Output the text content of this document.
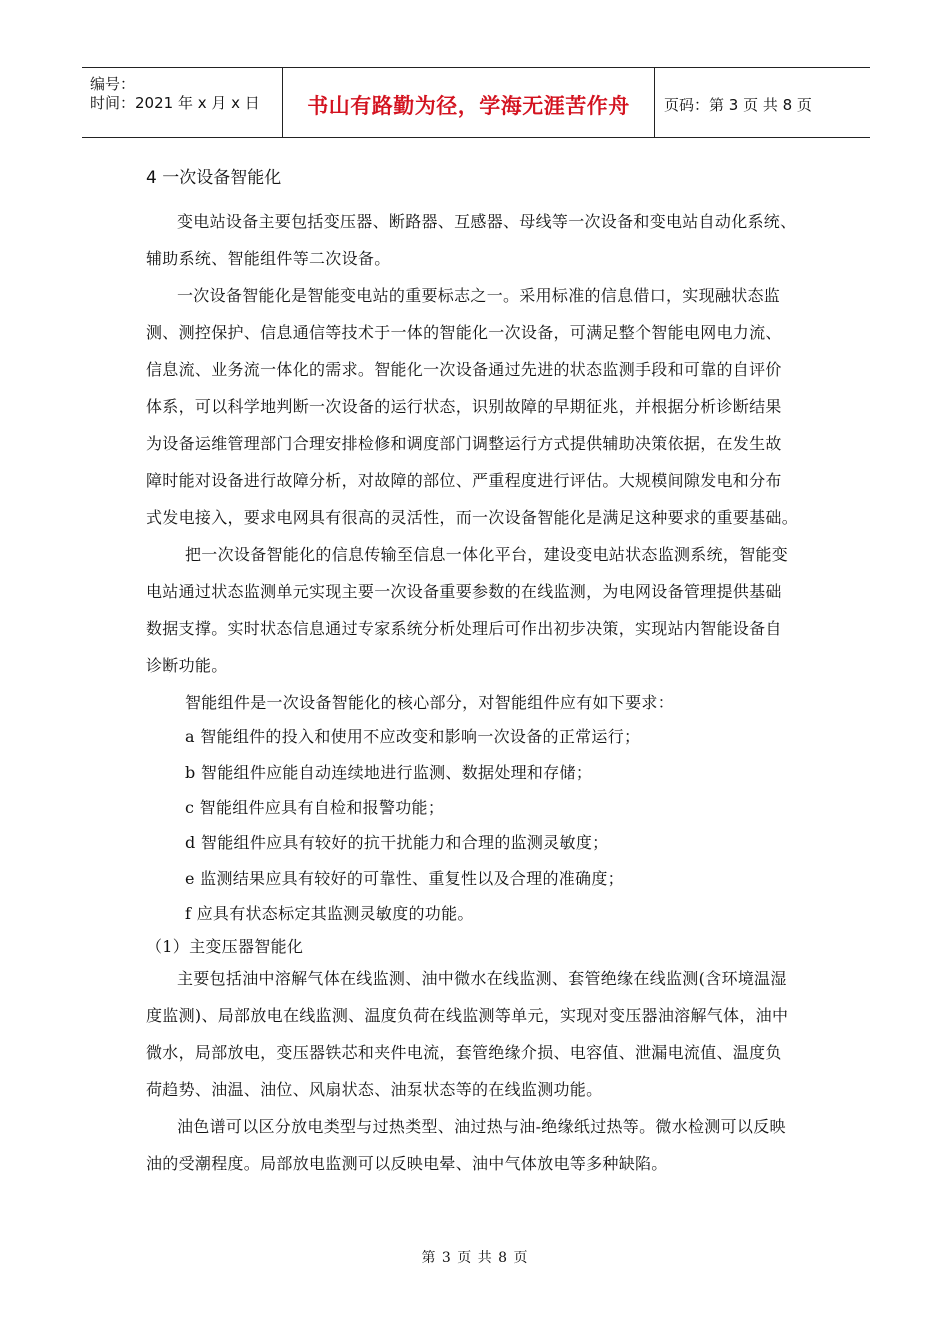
编号：
时间：2021 年 x 月 x 日	书山有路勤为径，学海无涯苦作舟	页码：第 3 页 共 8 页
4 一次设备智能化
变电站设备主要包括变压器、断路器、互感器、母线等一次设备和变电站自动化系统、
辅助系统、智能组件等二次设备。
一次设备智能化是智能变电站的重要标志之一。采用标准的信息借口，实现融状态监
测、测控保护、信息通信等技术于一体的智能化一次设备，可满足整个智能电网电力流、
信息流、业务流一体化的需求。智能化一次设备通过先进的状态监测手段和可靠的自评价
体系，可以科学地判断一次设备的运行状态，识别故障的早期征兆，并根据分析诊断结果
为设备运维管理部门合理安排检修和调度部门调整运行方式提供辅助决策依据，在发生故
障时能对设备进行故障分析，对故障的部位、严重程度进行评估。大规模间隙发电和分布
式发电接入，要求电网具有很高的灵活性，而一次设备智能化是满足这种要求的重要基础。
把一次设备智能化的信息传输至信息一体化平台，建设变电站状态监测系统，智能变
电站通过状态监测单元实现主要一次设备重要参数的在线监测，为电网设备管理提供基础
数据支撑。实时状态信息通过专家系统分析处理后可作出初步决策，实现站内智能设备自
诊断功能。
智能组件是一次设备智能化的核心部分，对智能组件应有如下要求：
a 智能组件的投入和使用不应改变和影响一次设备的正常运行；
b 智能组件应能自动连续地进行监测、数据处理和存储；
c 智能组件应具有自检和报警功能；
d 智能组件应具有较好的抗干扰能力和合理的监测灵敏度；
e 监测结果应具有较好的可靠性、重复性以及合理的准确度；
f 应具有状态标定其监测灵敏度的功能。
（1）主变压器智能化
主要包括油中溶解气体在线监测、油中微水在线监测、套管绝缘在线监测(含环境温湿
度监测)、局部放电在线监测、温度负荷在线监测等单元，实现对变压器油溶解气体，油中
微水，局部放电，变压器铁芯和夹件电流，套管绝缘介损、电容值、泄漏电流值、温度负
荷趋势、油温、油位、风扇状态、油泵状态等的在线监测功能。
油色谱可以区分放电类型与过热类型、油过热与油-绝缘纸过热等。微水检测可以反映
油的受潮程度。局部放电监测可以反映电晕、油中气体放电等多种缺陷。
第 3 页 共 8 页
